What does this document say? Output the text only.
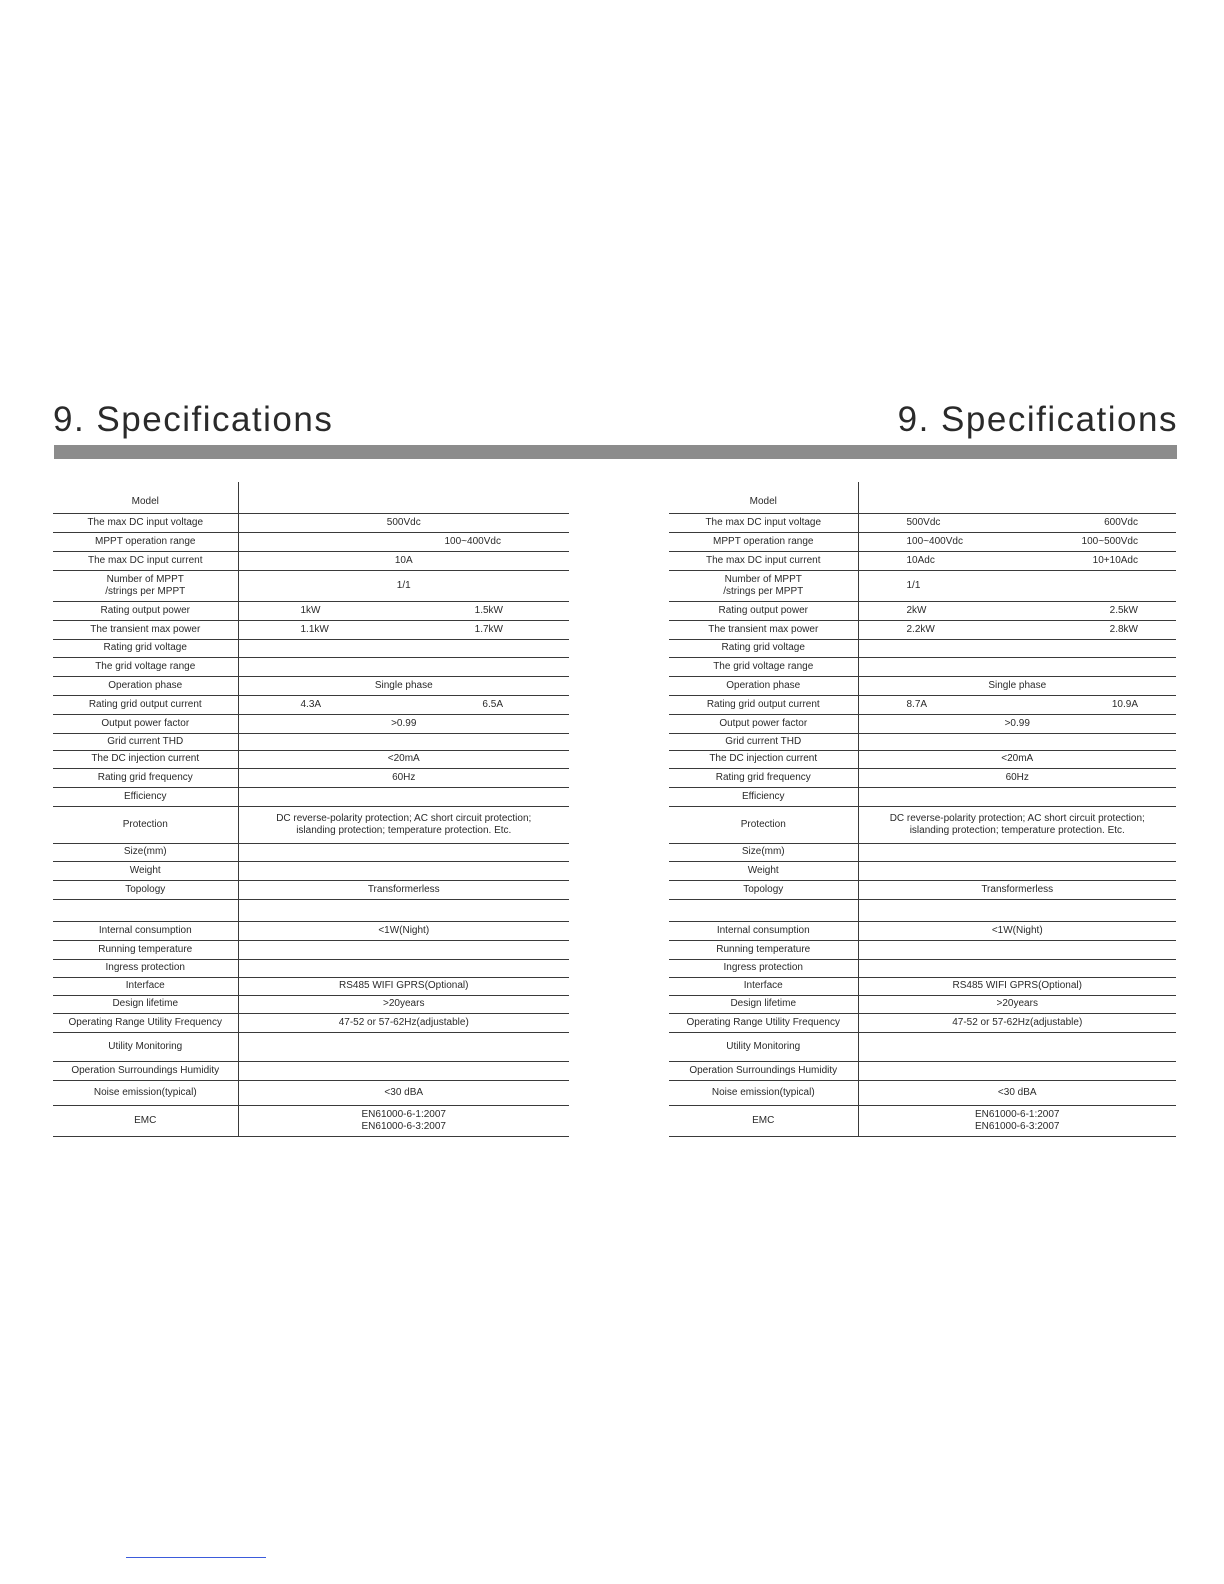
9. Specifications	9. Specifications
Model	
The max DC input voltage	500Vdc
MPPT operation range	100~400Vdc
The max DC input current	10A
Number of MPPT
/strings per MPPT	1/1
Rating output power	1kW 1.5kW

The transient max power	1.1kW 1.7kW

Rating grid voltage	
The grid voltage range	
Operation phase	Single phase
Rating grid output current	4.3A 6.5A

Output power factor	>0.99
Grid current THD	
The DC injection current	<20mA
Rating grid frequency	60Hz
Efficiency	
Protection	DC reverse-polarity protection; AC short circuit protection;
islanding protection; temperature protection. Etc.
Size(mm)	
Weight	
Topology	Transformerless

Internal consumption	<1W(Night)
Running temperature	
Ingress protection	
Interface	RS485 WIFI GPRS(Optional)
Design lifetime	>20years
Operating Range Utility Frequency	47-52 or 57-62Hz(adjustable)
Utility Monitoring	
Operation Surroundings Humidity	
Noise emission(typical)	<30 dBA
EMC	EN61000-6-1:2007
EN61000-6-3:2007
Model	
The max DC input voltage	500Vdc 600Vdc

MPPT operation range	100~400Vdc 100~500Vdc

The max DC input current	10Adc 10+10Adc

Number of MPPT
/strings per MPPT	1/1

Rating output power	2kW 2.5kW

The transient max power	2.2kW 2.8kW

Rating grid voltage	
The grid voltage range	
Operation phase	Single phase
Rating grid output current	8.7A 10.9A

Output power factor	>0.99
Grid current THD	
The DC injection current	<20mA
Rating grid frequency	60Hz
Efficiency	
Protection	DC reverse-polarity protection; AC short circuit protection;
islanding protection; temperature protection. Etc.
Size(mm)	
Weight	
Topology	Transformerless

Internal consumption	<1W(Night)
Running temperature	
Ingress protection	
Interface	RS485 WIFI GPRS(Optional)
Design lifetime	>20years
Operating Range Utility Frequency	47-52 or 57-62Hz(adjustable)
Utility Monitoring	
Operation Surroundings Humidity	
Noise emission(typical)	<30 dBA
EMC	EN61000-6-1:2007
EN61000-6-3:2007
